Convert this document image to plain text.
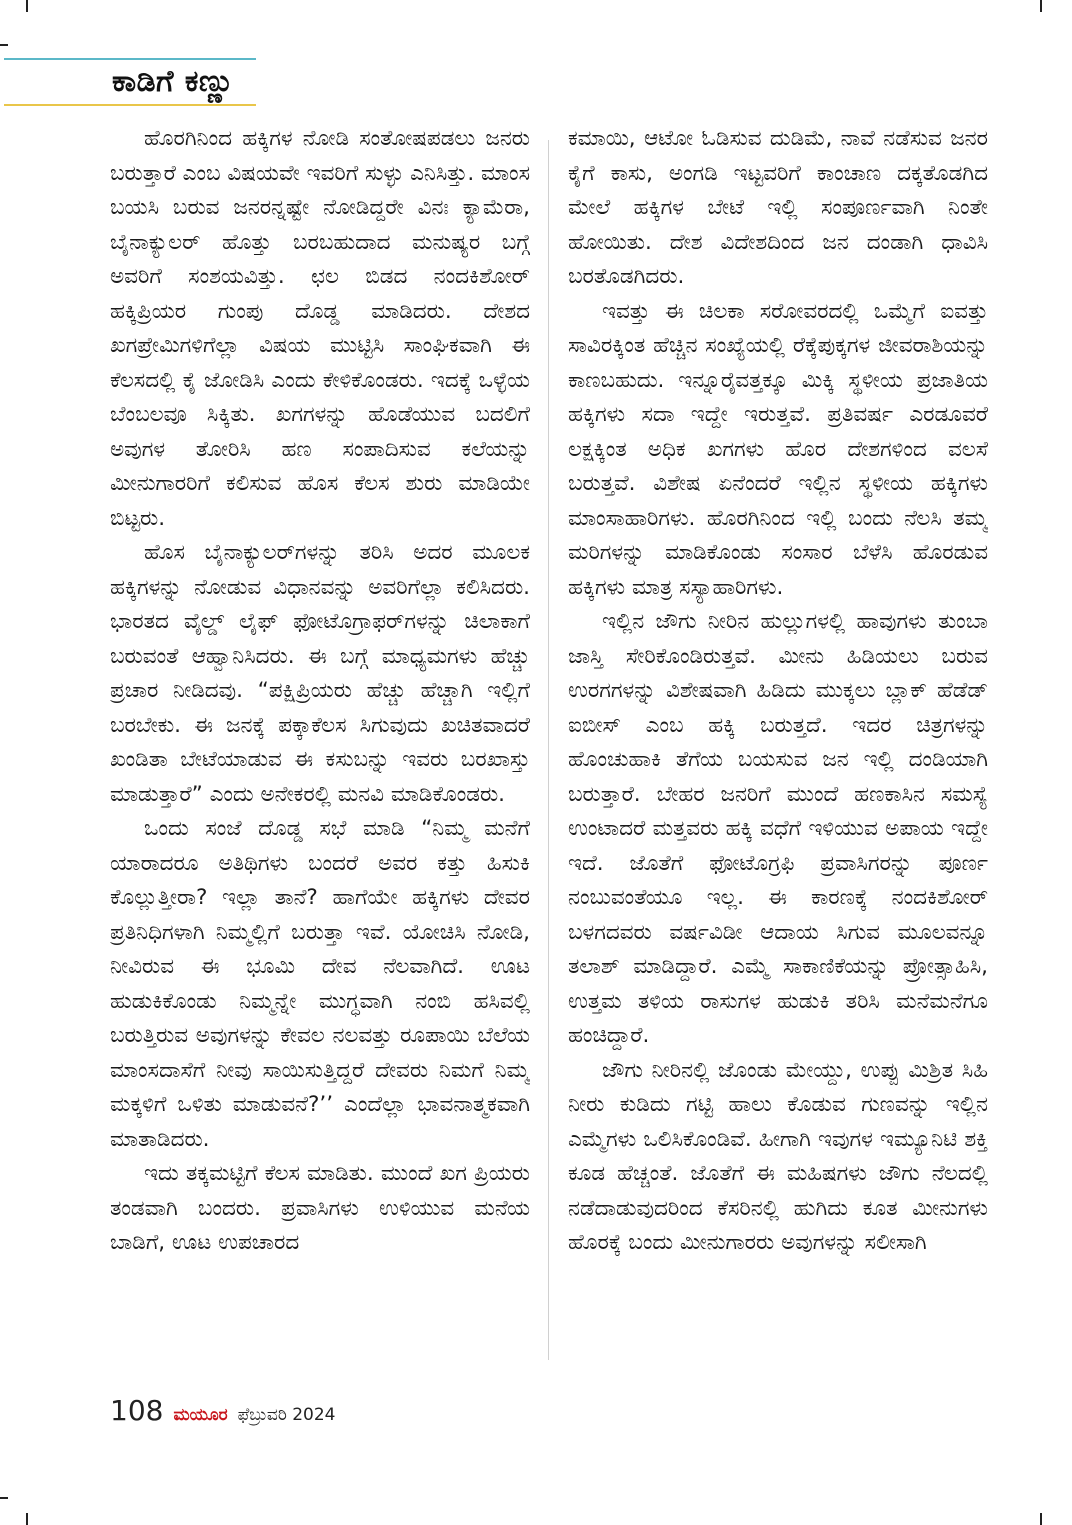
ಕಾಡಿಗೆ ಕಣ್ಣು

ಹೊರಗಿನಿಂದ ಹಕ್ಕಿಗಳ ನೋಡಿ ಸಂತೋಷಪಡಲು ಜನರು ಬರುತ್ತಾರೆ ಎಂಬ ವಿಷಯವೇ ಇವರಿಗೆ ಸುಳ್ಳು ಎನಿಸಿತ್ತು. ಮಾಂಸ ಬಯಸಿ ಬರುವ ಜನರನ್ನಷ್ಟೇ ನೋಡಿದ್ದರೇ ವಿನಃ ಕ್ಯಾಮೆರಾ, ಬೈನಾಕ್ಯುಲರ್ ಹೊತ್ತು ಬರಬಹುದಾದ ಮನುಷ್ಯರ ಬಗ್ಗೆ ಅವರಿಗೆ ಸಂಶಯವಿತ್ತು. ಛಲ ಬಿಡದ ನಂದಕಿಶೋರ್ ಹಕ್ಕಿಪ್ರಿಯರ ಗುಂಪು ದೊಡ್ಡ ಮಾಡಿದರು. ದೇಶದ ಖಗಪ್ರೇಮಿಗಳಿಗೆಲ್ಲಾ ವಿಷಯ ಮುಟ್ಟಿಸಿ ಸಾಂಘಿಕವಾಗಿ ಈ ಕೆಲಸದಲ್ಲಿ ಕೈ ಜೋಡಿಸಿ ಎಂದು ಕೇಳಿಕೊಂಡರು. ಇದಕ್ಕೆ ಒಳ್ಳೆಯ ಬೆಂಬಲವೂ ಸಿಕ್ಕಿತು. ಖಗಗಳನ್ನು ಹೊಡೆಯುವ ಬದಲಿಗೆ ಅವುಗಳ ತೋರಿಸಿ ಹಣ ಸಂಪಾದಿಸುವ ಕಲೆಯನ್ನು ಮೀನುಗಾರರಿಗೆ ಕಲಿಸುವ ಹೊಸ ಕೆಲಸ ಶುರು ಮಾಡಿಯೇ ಬಿಟ್ಟರು.

ಹೊಸ ಬೈನಾಕ್ಯುಲರ್‌ಗಳನ್ನು ತರಿಸಿ ಅದರ ಮೂಲಕ ಹಕ್ಕಿಗಳನ್ನು ನೋಡುವ ವಿಧಾನವನ್ನು ಅವರಿಗೆಲ್ಲಾ ಕಲಿಸಿದರು. ಭಾರತದ ವೈಲ್ಡ್ ಲೈಫ್ ಫೋಟೊಗ್ರಾಫರ್‌ಗಳನ್ನು ಚಿಲಾಕಾಗೆ ಬರುವಂತೆ ಆಹ್ವಾನಿಸಿದರು. ಈ ಬಗ್ಗೆ ಮಾಧ್ಯಮಗಳು ಹೆಚ್ಚು ಪ್ರಚಾರ ನೀಡಿದವು. “ಪಕ್ಷಿಪ್ರಿಯರು ಹೆಚ್ಚು ಹೆಚ್ಚಾಗಿ ಇಲ್ಲಿಗೆ ಬರಬೇಕು. ಈ ಜನಕ್ಕೆ ಪಕ್ಕಾಕೆಲಸ ಸಿಗುವುದು ಖಚಿತವಾದರೆ ಖಂಡಿತಾ ಬೇಟೆಯಾಡುವ ಈ ಕಸುಬನ್ನು ಇವರು ಬರಖಾಸ್ತು ಮಾಡುತ್ತಾರೆ” ಎಂದು ಅನೇಕರಲ್ಲಿ ಮನವಿ ಮಾಡಿಕೊಂಡರು.

ಒಂದು ಸಂಜೆ ದೊಡ್ಡ ಸಭೆ ಮಾಡಿ “ನಿಮ್ಮ ಮನೆಗೆ ಯಾರಾದರೂ ಅತಿಥಿಗಳು ಬಂದರೆ ಅವರ ಕತ್ತು ಹಿಸುಕಿ ಕೊಲ್ಲುತ್ತೀರಾ? ಇಲ್ಲಾ ತಾನೆ? ಹಾಗೆಯೇ ಹಕ್ಕಿಗಳು ದೇವರ ಪ್ರತಿನಿಧಿಗಳಾಗಿ ನಿಮ್ಮಲ್ಲಿಗೆ ಬರುತ್ತಾ ಇವೆ. ಯೋಚಿಸಿ ನೋಡಿ, ನೀವಿರುವ ಈ ಭೂಮಿ ದೇವ ನೆಲವಾಗಿದೆ. ಊಟ ಹುಡುಕಿಕೊಂಡು ನಿಮ್ಮನ್ನೇ ಮುಗ್ಧವಾಗಿ ನಂಬಿ ಹಸಿವಲ್ಲಿ ಬರುತ್ತಿರುವ ಅವುಗಳನ್ನು ಕೇವಲ ನಲವತ್ತು ರೂಪಾಯಿ ಬೆಲೆಯ ಮಾಂಸದಾಸೆಗೆ ನೀವು ಸಾಯಿಸುತ್ತಿದ್ದರೆ ದೇವರು ನಿಮಗೆ ನಿಮ್ಮ ಮಕ್ಕಳಿಗೆ ಒಳಿತು ಮಾಡುವನೆ?’’ ಎಂದೆಲ್ಲಾ ಭಾವನಾತ್ಮಕವಾಗಿ ಮಾತಾಡಿದರು.

ಇದು ತಕ್ಕಮಟ್ಟಿಗೆ ಕೆಲಸ ಮಾಡಿತು. ಮುಂದೆ ಖಗ ಪ್ರಿಯರು ತಂಡವಾಗಿ ಬಂದರು. ಪ್ರವಾಸಿಗಳು ಉಳಿಯುವ ಮನೆಯ ಬಾಡಿಗೆ, ಊಟ ಉಪಚಾರದ

ಕಮಾಯಿ, ಆಟೋ ಓಡಿಸುವ ದುಡಿಮೆ, ನಾವೆ ನಡೆಸುವ ಜನರ ಕೈಗೆ ಕಾಸು, ಅಂಗಡಿ ಇಟ್ಟವರಿಗೆ ಕಾಂಚಾಣ ದಕ್ಕತೊಡಗಿದ ಮೇಲೆ ಹಕ್ಕಿಗಳ ಬೇಟೆ ಇಲ್ಲಿ ಸಂಪೂರ್ಣವಾಗಿ ನಿಂತೇ ಹೋಯಿತು. ದೇಶ ವಿದೇಶದಿಂದ ಜನ ದಂಡಾಗಿ ಧಾವಿಸಿ ಬರತೊಡಗಿದರು.

ಇವತ್ತು ಈ ಚಿಲಕಾ ಸರೋವರದಲ್ಲಿ ಒಮ್ಮೆಗೆ ಐವತ್ತು ಸಾವಿರಕ್ಕಿಂತ ಹೆಚ್ಚಿನ ಸಂಖ್ಯೆಯಲ್ಲಿ ರೆಕ್ಕೆಪುಕ್ಕಗಳ ಜೀವರಾಶಿಯನ್ನು ಕಾಣಬಹುದು. ಇನ್ನೂರೈವತ್ತಕ್ಕೂ ಮಿಕ್ಕಿ ಸ್ಥಳೀಯ ಪ್ರಜಾತಿಯ ಹಕ್ಕಿಗಳು ಸದಾ ಇದ್ದೇ ಇರುತ್ತವೆ. ಪ್ರತಿವರ್ಷ ಎರಡೂವರೆ ಲಕ್ಷಕ್ಕಿಂತ ಅಧಿಕ ಖಗಗಳು ಹೊರ ದೇಶಗಳಿಂದ ವಲಸೆ ಬರುತ್ತವೆ. ವಿಶೇಷ ಏನೆಂದರೆ ಇಲ್ಲಿನ ಸ್ಥಳೀಯ ಹಕ್ಕಿಗಳು ಮಾಂಸಾಹಾರಿಗಳು. ಹೊರಗಿನಿಂದ ಇಲ್ಲಿ ಬಂದು ನೆಲಸಿ ತಮ್ಮ ಮರಿಗಳನ್ನು ಮಾಡಿಕೊಂಡು ಸಂಸಾರ ಬೆಳೆಸಿ ಹೊರಡುವ ಹಕ್ಕಿಗಳು ಮಾತ್ರ ಸಸ್ಯಾಹಾರಿಗಳು.

ಇಲ್ಲಿನ ಜೌಗು ನೀರಿನ ಹುಲ್ಲುಗಳಲ್ಲಿ ಹಾವುಗಳು ತುಂಬಾ ಜಾಸ್ತಿ ಸೇರಿಕೊಂಡಿರುತ್ತವೆ. ಮೀನು ಹಿಡಿಯಲು ಬರುವ ಉರಗಗಳನ್ನು ವಿಶೇಷವಾಗಿ ಹಿಡಿದು ಮುಕ್ಕಲು ಬ್ಲಾಕ್ ಹೆಡೆಡ್ ಐಬೀಸ್ ಎಂಬ ಹಕ್ಕಿ ಬರುತ್ತದೆ. ಇದರ ಚಿತ್ರಗಳನ್ನು ಹೊಂಚುಹಾಕಿ ತೆಗೆಯ ಬಯಸುವ ಜನ ಇಲ್ಲಿ ದಂಡಿಯಾಗಿ ಬರುತ್ತಾರೆ. ಬೇಹರ ಜನರಿಗೆ ಮುಂದೆ ಹಣಕಾಸಿನ ಸಮಸ್ಯೆ ಉಂಟಾದರೆ ಮತ್ತವರು ಹಕ್ಕಿ ವಧೆಗೆ ಇಳಿಯುವ ಅಪಾಯ ಇದ್ದೇ ಇದೆ. ಜೊತೆಗೆ ಫೋಟೊಗ್ರಫಿ ಪ್ರವಾಸಿಗರನ್ನು ಪೂರ್ಣ ನಂಬುವಂತೆಯೂ ಇಲ್ಲ. ಈ ಕಾರಣಕ್ಕೆ ನಂದಕಿಶೋರ್ ಬಳಗದವರು ವರ್ಷವಿಡೀ ಆದಾಯ ಸಿಗುವ ಮೂಲವನ್ನೂ ತಲಾಶ್ ಮಾಡಿದ್ದಾರೆ. ಎಮ್ಮೆ ಸಾಕಾಣಿಕೆಯನ್ನು ಪ್ರೋತ್ಸಾಹಿಸಿ, ಉತ್ತಮ ತಳಿಯ ರಾಸುಗಳ ಹುಡುಕಿ ತರಿಸಿ ಮನೆಮನೆಗೂ ಹಂಚಿದ್ದಾರೆ.

ಜೌಗು ನೀರಿನಲ್ಲಿ ಜೊಂಡು ಮೇಯ್ದು, ಉಪ್ಪು ಮಿಶ್ರಿತ ಸಿಹಿ ನೀರು ಕುಡಿದು ಗಟ್ಟಿ ಹಾಲು ಕೊಡುವ ಗುಣವನ್ನು ಇಲ್ಲಿನ ಎಮ್ಮೆಗಳು ಒಲಿಸಿಕೊಂಡಿವೆ. ಹೀಗಾಗಿ ಇವುಗಳ ಇಮ್ಯೂನಿಟಿ ಶಕ್ತಿ ಕೂಡ ಹೆಚ್ಚಂತೆ. ಜೊತೆಗೆ ಈ ಮಹಿಷಗಳು ಜೌಗು ನೆಲದಲ್ಲಿ ನಡೆದಾಡುವುದರಿಂದ ಕೆಸರಿನಲ್ಲಿ ಹುಗಿದು ಕೂತ ಮೀನುಗಳು ಹೊರಕ್ಕೆ ಬಂದು ಮೀನುಗಾರರು ಅವುಗಳನ್ನು ಸಲೀಸಾಗಿ

108 ಮಯೂರ ಫೆಬ್ರುವರಿ 2024
